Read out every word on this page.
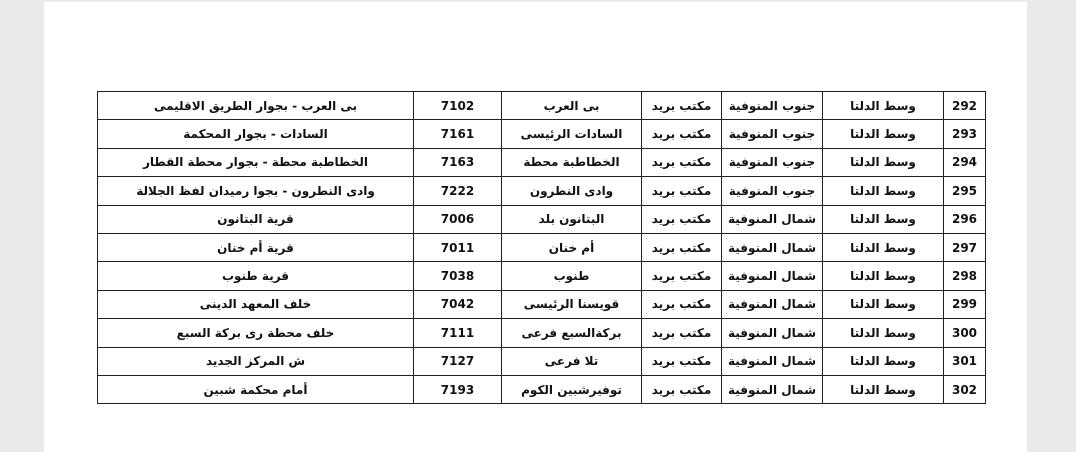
292	وسط الدلتا	جنوب المنوفية	مكتب بريد	بى العرب	7102	بى العرب - بجوار الطريق الاقليمى
293	وسط الدلتا	جنوب المنوفية	مكتب بريد	السادات الرئيسى	7161	السادات - بجوار المحكمة
294	وسط الدلتا	جنوب المنوفية	مكتب بريد	الخطاطبة محطة	7163	الخطاطبة محطة - بجوار محطة القطار
295	وسط الدلتا	جنوب المنوفية	مكتب بريد	وادى النطرون	7222	وادى النطرون - بجوا رميدان لفظ الجلالة
296	وسط الدلتا	شمال المنوفية	مكتب بريد	البتانون بلد	7006	قرية البتانون
297	وسط الدلتا	شمال المنوفية	مكتب بريد	أم خنان	7011	قرية أم خنان
298	وسط الدلتا	شمال المنوفية	مكتب بريد	طنوب	7038	قرية طنوب
299	وسط الدلتا	شمال المنوفية	مكتب بريد	قويسنا الرئيسى	7042	خلف المعهد الدينى
300	وسط الدلتا	شمال المنوفية	مكتب بريد	بركةالسبع فرعى	7111	خلف محطة رى بركة السبع
301	وسط الدلتا	شمال المنوفية	مكتب بريد	تلا فرعى	7127	ش المركز الجديد
302	وسط الدلتا	شمال المنوفية	مكتب بريد	توفيرشبين الكوم	7193	أمام محكمة شبين
